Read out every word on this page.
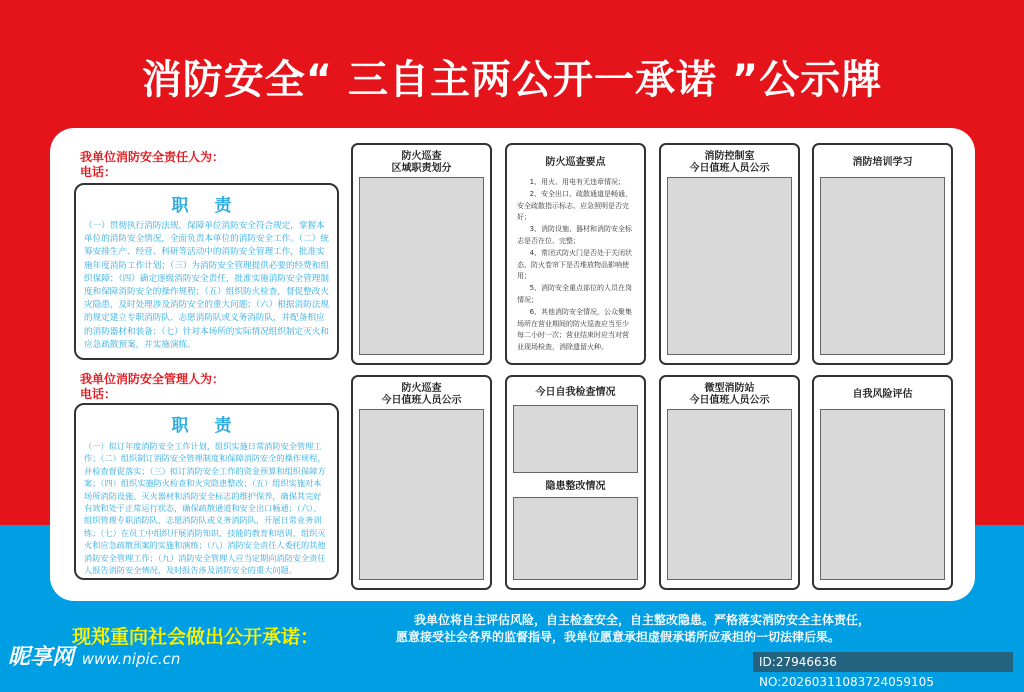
消防安全“ 三自主两公开一承诺 ”公示牌
我单位消防安全责任人为：
电话：
职 责

（一）贯彻执行消防法规，保障单位消防安全符合规定，掌握本单位的消防安全情况，全面负责本单位的消防安全工作。（二）统筹安排生产、经营、科研等活动中的消防安全管理工作，批准实施年度消防工作计划；（三）为消防安全管理提供必要的经费和组织保障；（四）确定逐级消防安全责任，批准实施消防安全管理制度和保障消防安全的操作规程；（五）组织防火检查，督促整改火灾隐患，及时处理涉及消防安全的重大问题；（六）根据消防法规的规定建立专职消防队、志愿消防队或义务消防队，并配备相应的消防器材和装备；（七）针对本场所的实际情况组织制定灭火和应急疏散预案，并实施演练。

我单位消防安全管理人为：
电话：
职 责

（一）拟订年度消防安全工作计划，组织实施日常消防安全管理工作；（二）组织制订消防安全管理制度和保障消防安全的操作规程，并检查督促落实；（三）拟订消防安全工作的资金预算和组织保障方案；（四）组织实施防火检查和火灾隐患整改；（五）组织实施对本场所消防设施、灭火器材和消防安全标志的维护保养，确保其完好有效和处于正常运行状态，确保疏散通道和安全出口畅通；（六）、组织管理专职消防队、志愿消防队或义务消防队，开展日常业务训练；（七）在员工中组织开展消防知识、技能的教育和培训，组织灭火和应急疏散预案的实施和演练；（八）消防安全责任人委托的其他消防安全管理工作；（九）消防安全管理人应当定期向消防安全责任人报告消防安全情况，及时报告涉及消防安全的重大问题。

防火巡查
区域职责划分
防火巡查要点

1、用火、用电有无违章情况；

2、安全出口、疏散通道是畅通，安全疏散指示标志、应急照明是否完好；

3、消防设施、器材和消防安全标志是否在位、完整；

4、常闭式防火门是否处于关闭状态，防火卷帘下是否堆放物品影响使用；

5、消防安全重点部位的人员在岗情况；

6、其他消防安全情况，公众聚集场所在营业期间的防火巡查应当至少每二小时一次；营业结束时应当对营业现场检查，消除遗留火种。

消防控制室
今日值班人员公示
消防培训学习
防火巡查
今日值班人员公示
今日自我检查情况
隐患整改情况
微型消防站
今日值班人员公示
自我风险评估
现郑重向社会做出公开承诺：
我单位将自主评估风险，自主检查安全，自主整改隐患。严格落实消防安全主体责任，
愿意接受社会各界的监督指导，我单位愿意承担虚假承诺所应承担的一切法律后果。
昵享网 www.nipic.cn	ID:27946636 NO:20260311083724059105
